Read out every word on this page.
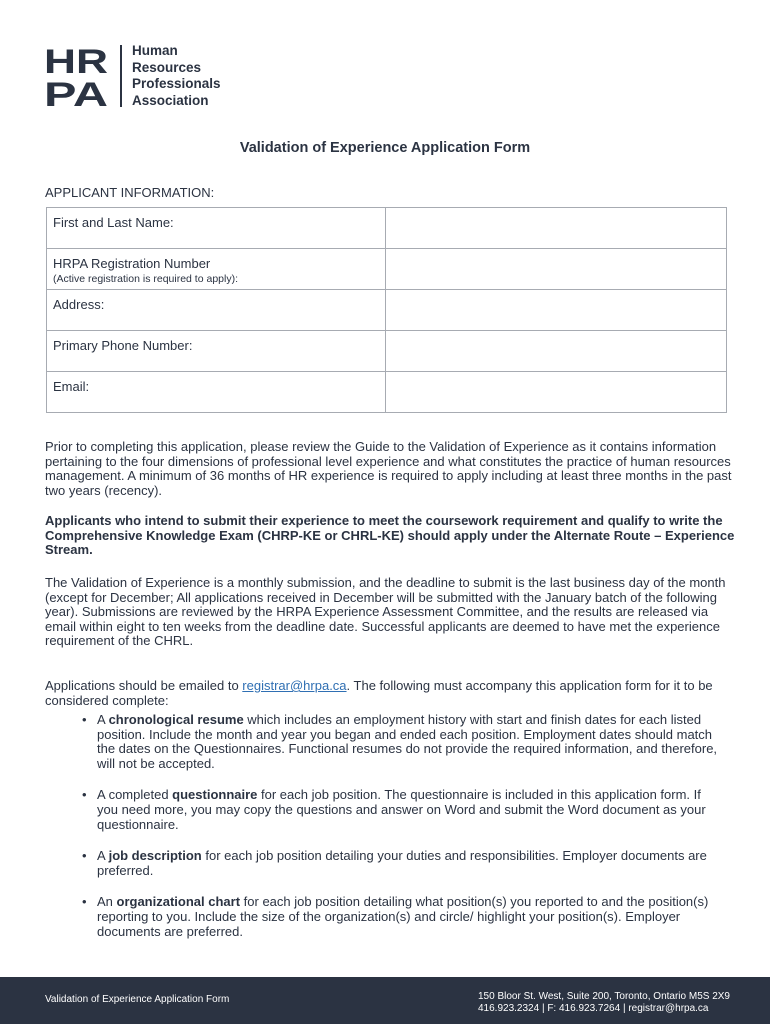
HR
PA
Human
Resources
Professionals
Association
Validation of Experience Application Form
APPLICANT INFORMATION:
First and Last Name:	
HRPA Registration Number
(Active registration is required to apply):	

Address:	
Primary Phone Number:	
Email:	

Prior to completing this application, please review the Guide to the Validation of Experience as it contains information pertaining to the four dimensions of professional level experience and what constitutes the practice of human resources management. A minimum of 36 months of HR experience is required to apply including at least three months in the past two years (recency).

Applicants who intend to submit their experience to meet the coursework requirement and qualify to write the Comprehensive Knowledge Exam (CHRP-KE or CHRL-KE) should apply under the Alternate Route – Experience Stream.

The Validation of Experience is a monthly submission, and the deadline to submit is the last business day of the month (except for December; All applications received in December will be submitted with the January batch of the following year). Submissions are reviewed by the HRPA Experience Assessment Committee, and the results are released via email within eight to ten weeks from the deadline date. Successful applicants are deemed to have met the experience requirement of the CHRL.

Applications should be emailed to registrar@hrpa.ca. The following must accompany this application form for it to be considered complete:

• A chronological resume which includes an employment history with start and finish dates for each listed position. Include the month and year you began and ended each position. Employment dates should match the dates on the Questionnaires. Functional resumes do not provide the required information, and therefore, will not be accepted.
• A completed questionnaire for each job position. The questionnaire is included in this application form. If you need more, you may copy the questions and answer on Word and submit the Word document as your questionnaire.
• A job description for each job position detailing your duties and responsibilities. Employer documents are preferred.
• An organizational chart for each job position detailing what position(s) you reported to and the position(s) reporting to you. Include the size of the organization(s) and circle/ highlight your position(s). Employer documents are preferred.
Validation of Experience Application Form	150 Bloor St. West, Suite 200, Toronto, Ontario M5S 2X9
416.923.2324 | F: 416.923.7264 | registrar@hrpa.ca
